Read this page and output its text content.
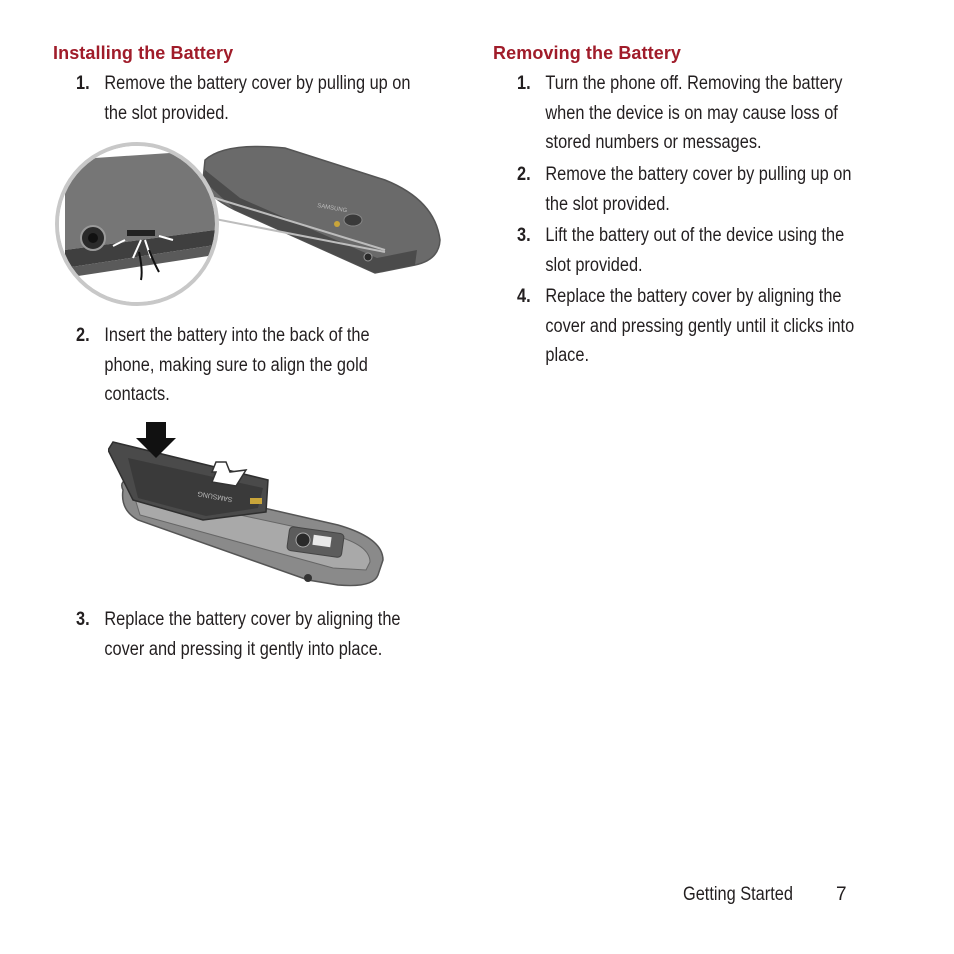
Installing the Battery
1. Remove the battery cover by pulling up on
the slot provided.
SAMSUNG
2. Insert the battery into the back of the
phone, making sure to align the gold
contacts.
SAMSUNG
3. Replace the battery cover by aligning the
cover and pressing it gently into place.
Removing the Battery
1. Turn the phone off. Removing the battery
when the device is on may cause loss of
stored numbers or messages.
2. Remove the battery cover by pulling up on
the slot provided.
3. Lift the battery out of the device using the
slot provided.
4. Replace the battery cover by aligning the
cover and pressing gently until it clicks into
place.
Getting Started 7
